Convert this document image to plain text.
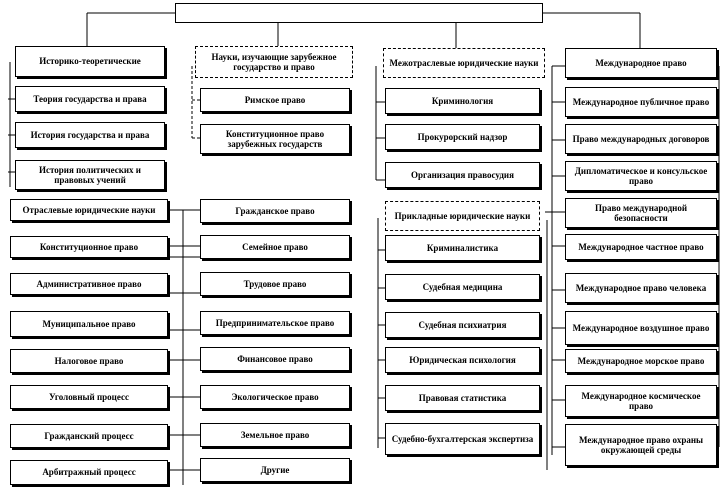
Историко-теоретические
Теория государства и права
История государства и права
История политических и правовых учений
Отраслевые юридические науки
Конституционное право
Административное право
Муниципальное право
Налоговое право
Уголовный процесс
Гражданский процесс
Арбитражный процесс
Науки, изучающие зарубежное государство и право
Римское право
Конституционное право зарубежных государств
Гражданское право
Семейное право
Трудовое право
Предпринимательское право
Финансовое право
Экологическое право
Земельное право
Другие
Межотраслевые юридические науки
Криминология
Прокурорский надзор
Организация правосудия
Прикладные юридические науки
Криминалистика
Судебная медицина
Судебная психиатрия
Юридическая психология
Правовая статистика
Судебно-бухгалтерская экспертиза
Международное право
Международное публичное право
Право международных договоров
Дипломатическое и консульское право
Право международной безопасности
Международное частное право
Международное право человека
Международное воздушное право
Международное морское право
Международное космическое право
Международное право охраны окружающей среды
